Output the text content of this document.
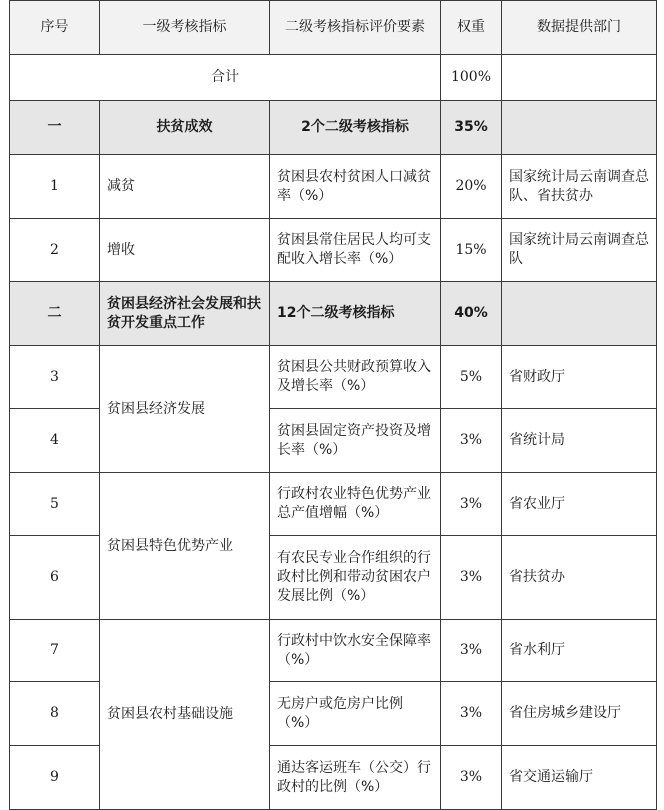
序号	一级考核指标	二级考核指标评价要素	权重	数据提供部门
合计			100%	
一	扶贫成效	2个二级考核指标	35%	
1	减贫	贫困县农村贫困人口减贫率（%）	20%	国家统计局云南调查总队、省扶贫办
2	增收	贫困县常住居民人均可支配收入增长率（%）	15%	国家统计局云南调查总队
二	贫困县经济社会发展和扶贫开发重点工作	12个二级考核指标	40%	
3	贫困县经济发展	贫困县公共财政预算收入及增长率（%）	5%	省财政厅
4		贫困县固定资产投资及增长率（%）	3%	省统计局
5	贫困县特色优势产业	行政村农业特色优势产业总产值增幅（%）	3%	省农业厅
6		有农民专业合作组织的行政村比例和带动贫困农户发展比例（%）	3%	省扶贫办
7	贫困县农村基础设施	行政村中饮水安全保障率（%）	3%	省水利厅
8		无房户或危房户比例（%）	3%	省住房城乡建设厅
9		通达客运班车（公交）行政村的比例（%）	3%	省交通运输厅
